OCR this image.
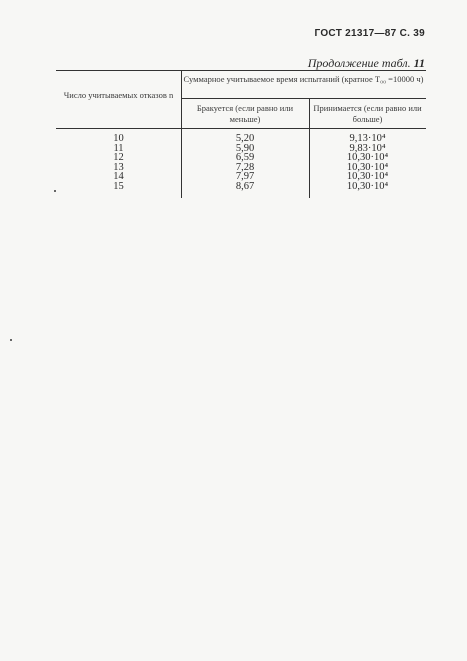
ГОСТ 21317—87 С. 39
Продолжение табл. 11
Число учитываемых отказов n
Суммарное учитываемое время испытаний (кратное T₀₀ =10000 ч)
Бракуется (если равно или меньше)
Принимается (если равно или больше)
10	5,20	9,13·10⁴
11	5,90	9,83·10⁴
12	6,59	10,30·10⁴
13	7,28	10,30·10⁴
14	7,97	10,30·10⁴
15	8,67	10,30·10⁴
